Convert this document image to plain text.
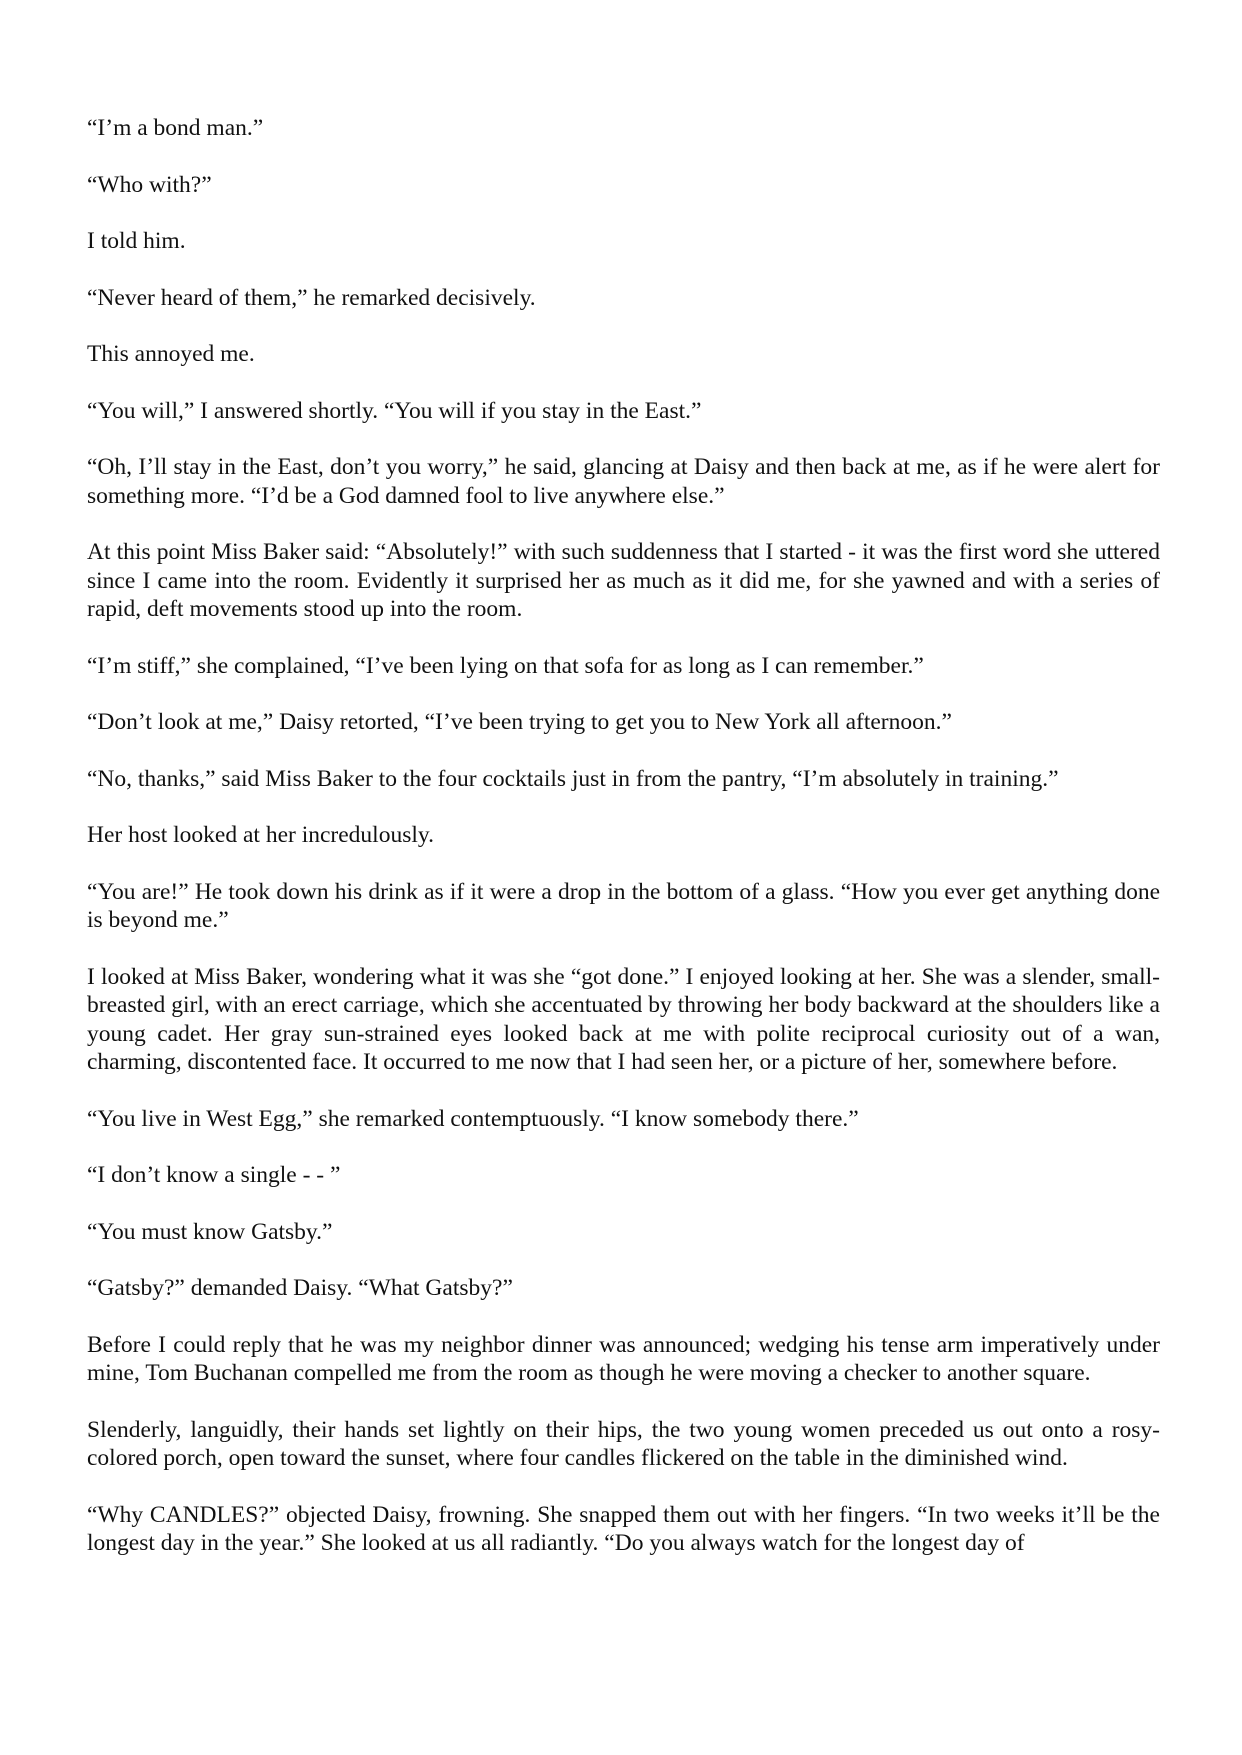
“I’m a bond man.”

“Who with?”

I told him.

“Never heard of them,” he remarked decisively.

This annoyed me.

“You will,” I answered shortly. “You will if you stay in the East.”

“Oh, I’ll stay in the East, don’t you worry,” he said, glancing at Daisy and then back at me, as if he were alert for something more. “I’d be a God damned fool to live anywhere else.”

At this point Miss Baker said: “Absolutely!” with such suddenness that I started - it was the first word she uttered since I came into the room. Evidently it surprised her as much as it did me, for she yawned and with a series of rapid, deft movements stood up into the room.

“I’m stiff,” she complained, “I’ve been lying on that sofa for as long as I can remember.”

“Don’t look at me,” Daisy retorted, “I’ve been trying to get you to New York all afternoon.”

“No, thanks,” said Miss Baker to the four cocktails just in from the pantry, “I’m absolutely in training.”

Her host looked at her incredulously.

“You are!” He took down his drink as if it were a drop in the bottom of a glass. “How you ever get anything done is beyond me.”

I looked at Miss Baker, wondering what it was she “got done.” I enjoyed looking at her. She was a slender, small-breasted girl, with an erect carriage, which she accentuated by throwing her body backward at the shoulders like a young cadet. Her gray sun-strained eyes looked back at me with polite reciprocal curiosity out of a wan, charming, discontented face. It occurred to me now that I had seen her, or a picture of her, somewhere before.

“You live in West Egg,” she remarked contemptuously. “I know somebody there.”

“I don’t know a single - - ”

“You must know Gatsby.”

“Gatsby?” demanded Daisy. “What Gatsby?”

Before I could reply that he was my neighbor dinner was announced; wedging his tense arm imperatively under mine, Tom Buchanan compelled me from the room as though he were moving a checker to another square.

Slenderly, languidly, their hands set lightly on their hips, the two young women preceded us out onto a rosy-colored porch, open toward the sunset, where four candles flickered on the table in the diminished wind.

“Why CANDLES?” objected Daisy, frowning. She snapped them out with her fingers. “In two weeks it’ll be the longest day in the year.” She looked at us all radiantly. “Do you always watch for the longest day of
